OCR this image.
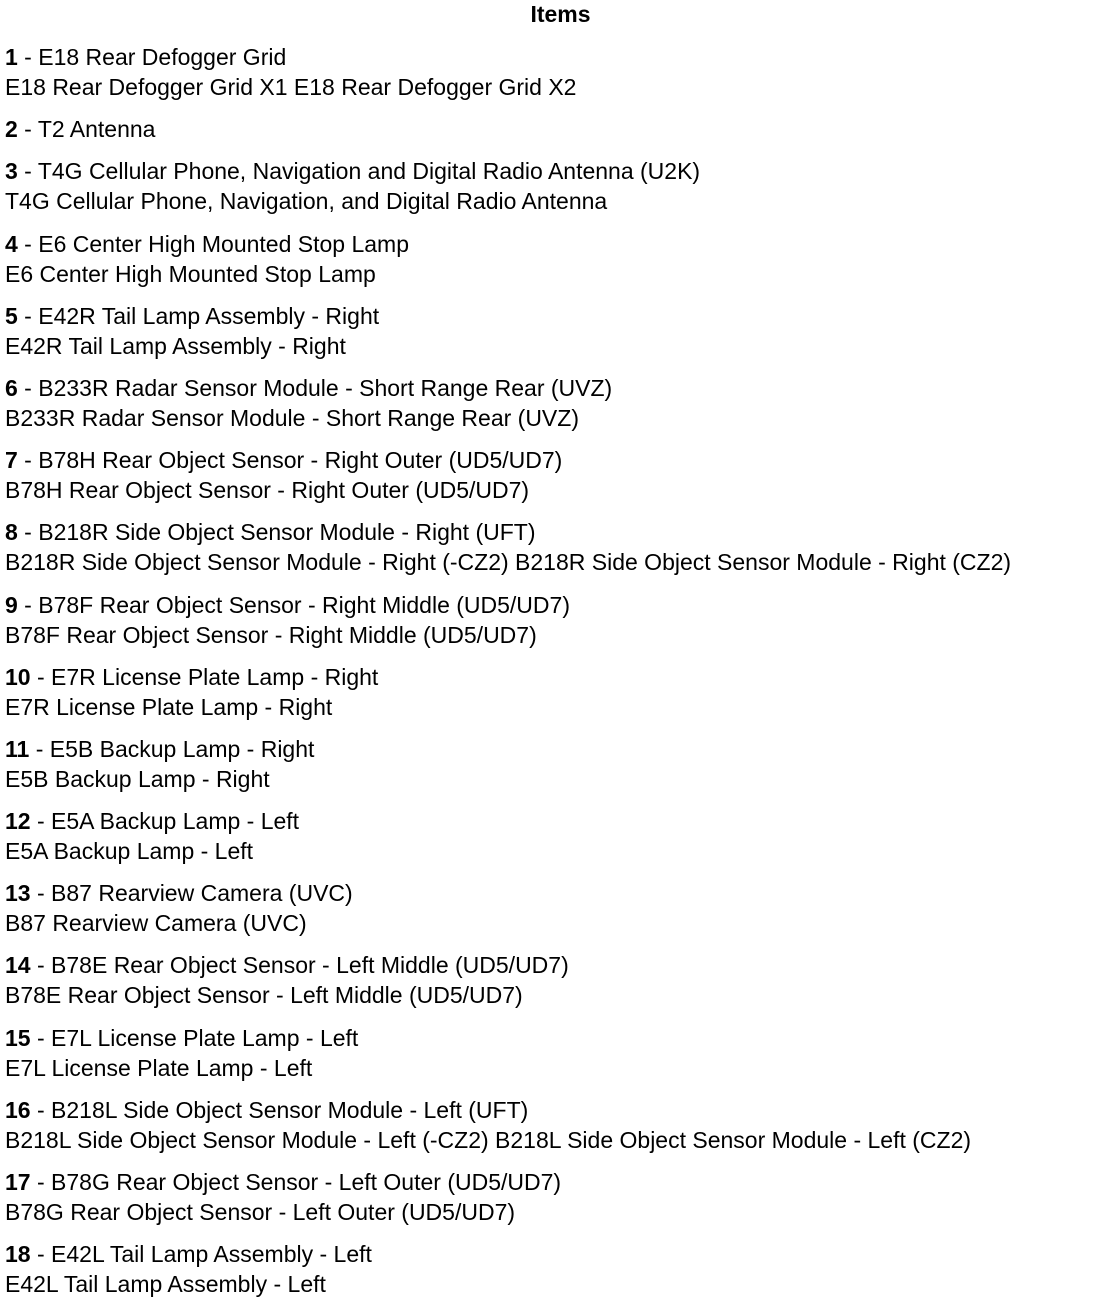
Items
1 - E18 Rear Defogger Grid
E18 Rear Defogger Grid X1 E18 Rear Defogger Grid X2
2 - T2 Antenna
3 - T4G Cellular Phone, Navigation and Digital Radio Antenna (U2K)
T4G Cellular Phone, Navigation, and Digital Radio Antenna
4 - E6 Center High Mounted Stop Lamp
E6 Center High Mounted Stop Lamp
5 - E42R Tail Lamp Assembly - Right
E42R Tail Lamp Assembly - Right
6 - B233R Radar Sensor Module - Short Range Rear (UVZ)
B233R Radar Sensor Module - Short Range Rear (UVZ)
7 - B78H Rear Object Sensor - Right Outer (UD5/UD7)
B78H Rear Object Sensor - Right Outer (UD5/UD7)
8 - B218R Side Object Sensor Module - Right (UFT)
B218R Side Object Sensor Module - Right (-CZ2) B218R Side Object Sensor Module - Right (CZ2)
9 - B78F Rear Object Sensor - Right Middle (UD5/UD7)
B78F Rear Object Sensor - Right Middle (UD5/UD7)
10 - E7R License Plate Lamp - Right
E7R License Plate Lamp - Right
11 - E5B Backup Lamp - Right
E5B Backup Lamp - Right
12 - E5A Backup Lamp - Left
E5A Backup Lamp - Left
13 - B87 Rearview Camera (UVC)
B87 Rearview Camera (UVC)
14 - B78E Rear Object Sensor - Left Middle (UD5/UD7)
B78E Rear Object Sensor - Left Middle (UD5/UD7)
15 - E7L License Plate Lamp - Left
E7L License Plate Lamp - Left
16 - B218L Side Object Sensor Module - Left (UFT)
B218L Side Object Sensor Module - Left (-CZ2) B218L Side Object Sensor Module - Left (CZ2)
17 - B78G Rear Object Sensor - Left Outer (UD5/UD7)
B78G Rear Object Sensor - Left Outer (UD5/UD7)
18 - E42L Tail Lamp Assembly - Left
E42L Tail Lamp Assembly - Left
